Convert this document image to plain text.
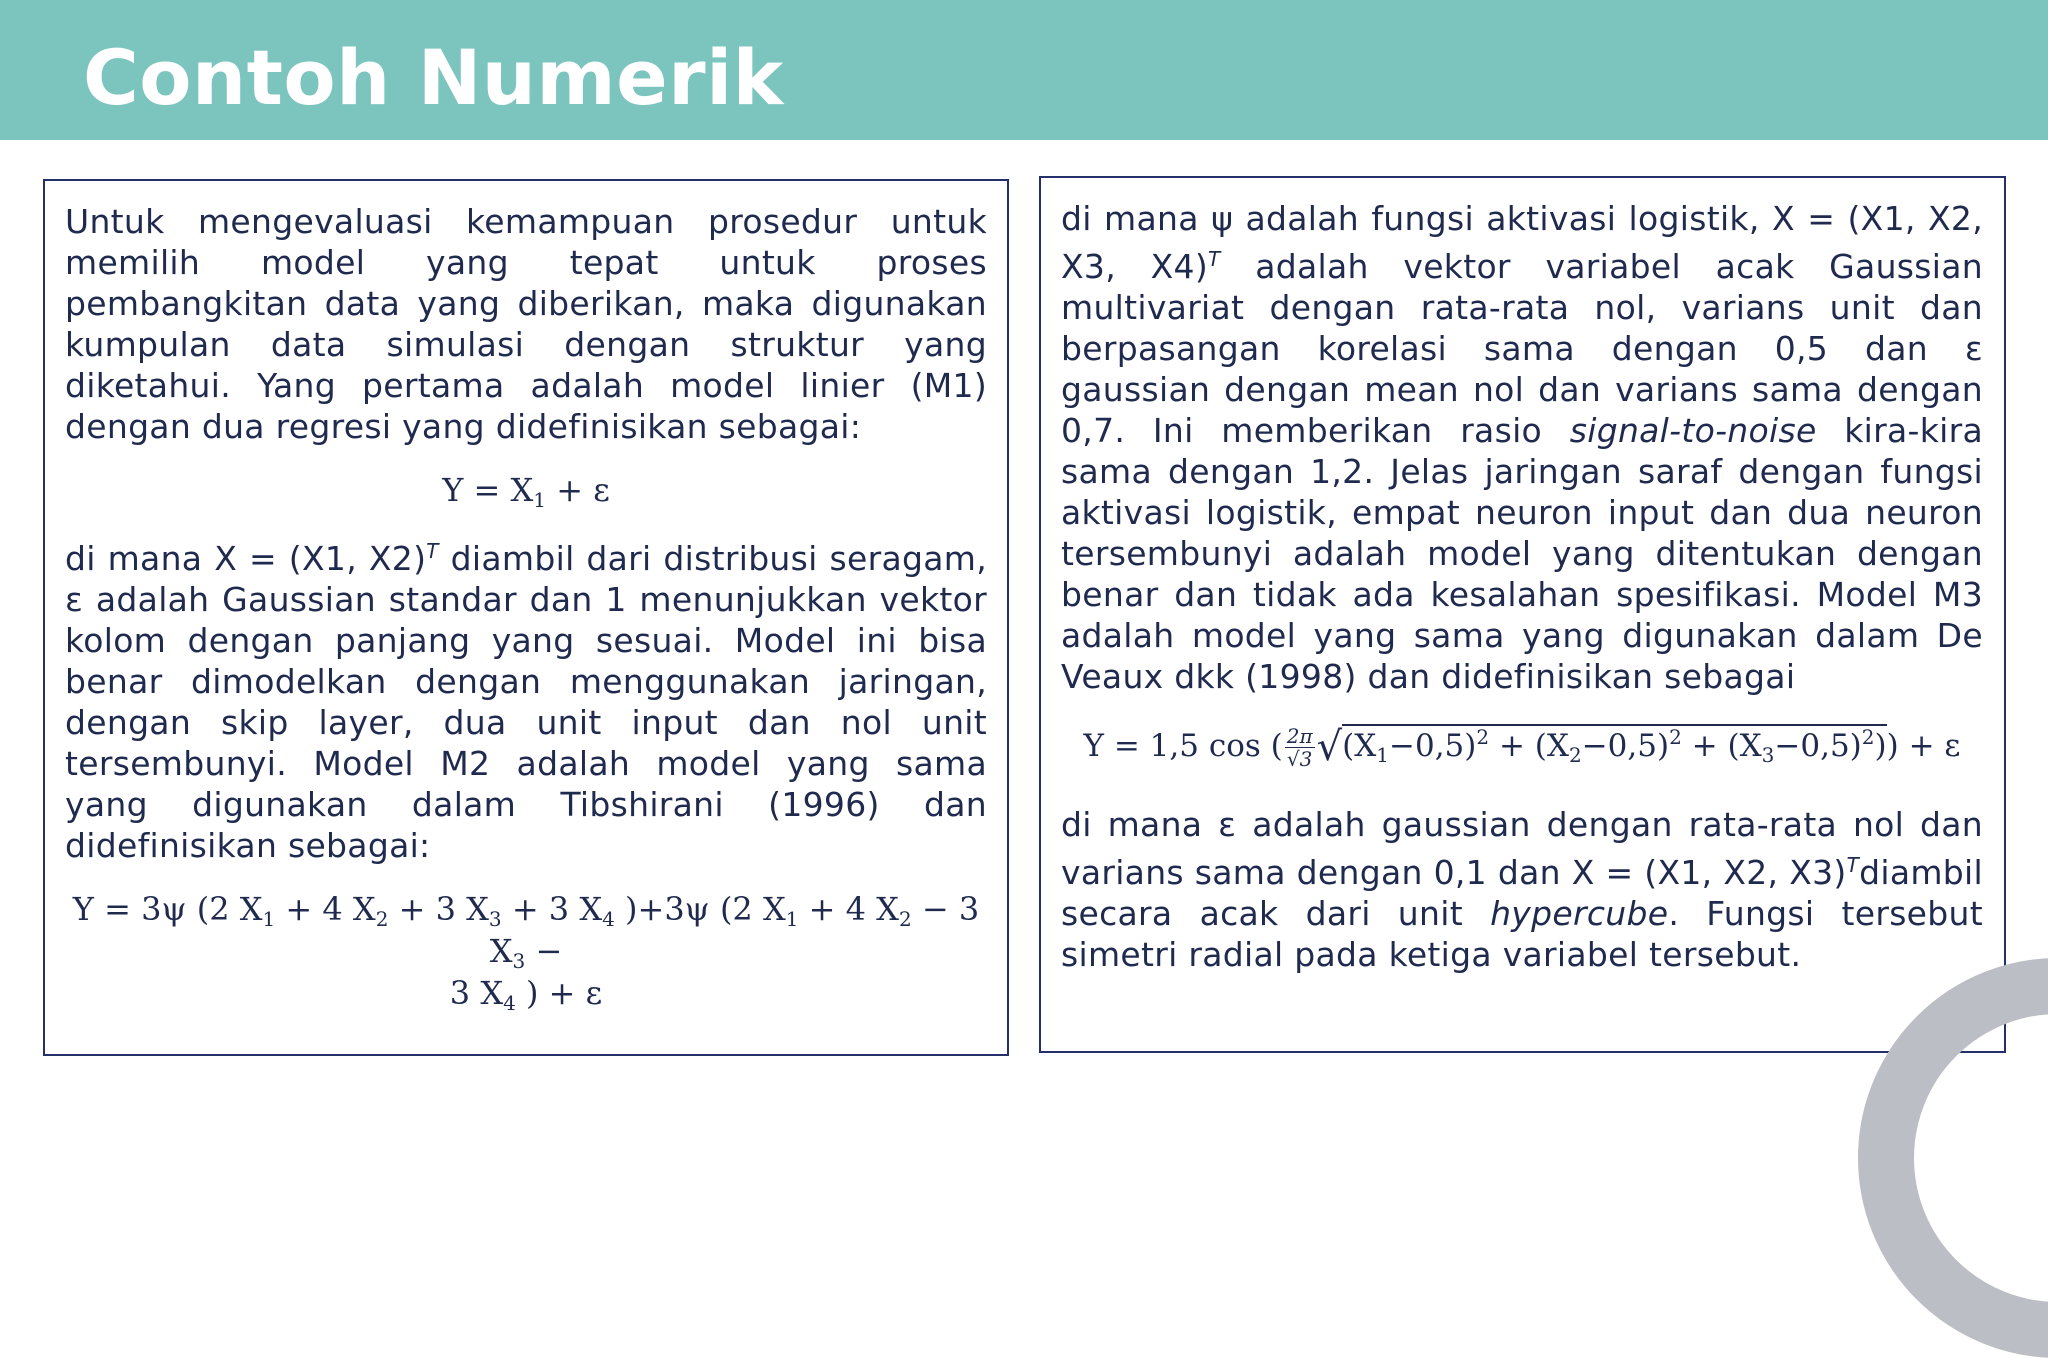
Contoh Numerik

Untuk mengevaluasi kemampuan prosedur untuk memilih model yang tepat untuk proses pembangkitan data yang diberikan, maka digunakan kumpulan data simulasi dengan struktur yang diketahui. Yang pertama adalah model linier (M1) dengan dua regresi yang didefinisikan sebagai:

$Y = X_1 + \varepsilon$

di mana X = (X1, X2)$^T$ diambil dari distribusi seragam, ε adalah Gaussian standar dan 1 menunjukkan vektor kolom dengan panjang yang sesuai. Model ini bisa benar dimodelkan dengan menggunakan jaringan, dengan skip layer, dua unit input dan nol unit tersembunyi. Model M2 adalah model yang sama yang digunakan dalam Tibshirani (1996) dan didefinisikan sebagai:

Y = 3ψ (2 $X_1 + 4$ $X_2 + 3$ $X_3 + 3$ $X_4$ )+3ψ (2 $X_1 + 4$ $X_2 - 3$ $X_3$ −
3 $X_4$ ) + ε

di mana ψ adalah fungsi aktivasi logistik, X = (X1, X2, X3, X4)$^T$ adalah vektor variabel acak Gaussian multivariat dengan rata-rata nol, varians unit dan berpasangan korelasi sama dengan 0,5 dan ε gaussian dengan mean nol dan varians sama dengan 0,7. Ini memberikan rasio signal-to-noise kira-kira sama dengan 1,2. Jelas jaringan saraf dengan fungsi aktivasi logistik, empat neuron input dan dua neuron tersembunyi adalah model yang ditentukan dengan benar dan tidak ada kesalahan spesifikasi. Model M3 adalah model yang sama yang digunakan dalam De Veaux dkk (1998) dan didefinisikan sebagai

Y = 1,5 cos ( $\frac{2\pi}{√3} √(X_1-0,5)^2 + (X_2-0,5)^2 + (X_3-0,5)^2)) + \varepsilon$

di mana ε adalah gaussian dengan rata-rata nol dan varians sama dengan 0,1 dan X = (X1, X2, X3)$^T$diambil secara acak dari unit hypercube. Fungsi tersebut simetri radial pada ketiga variabel tersebut.
